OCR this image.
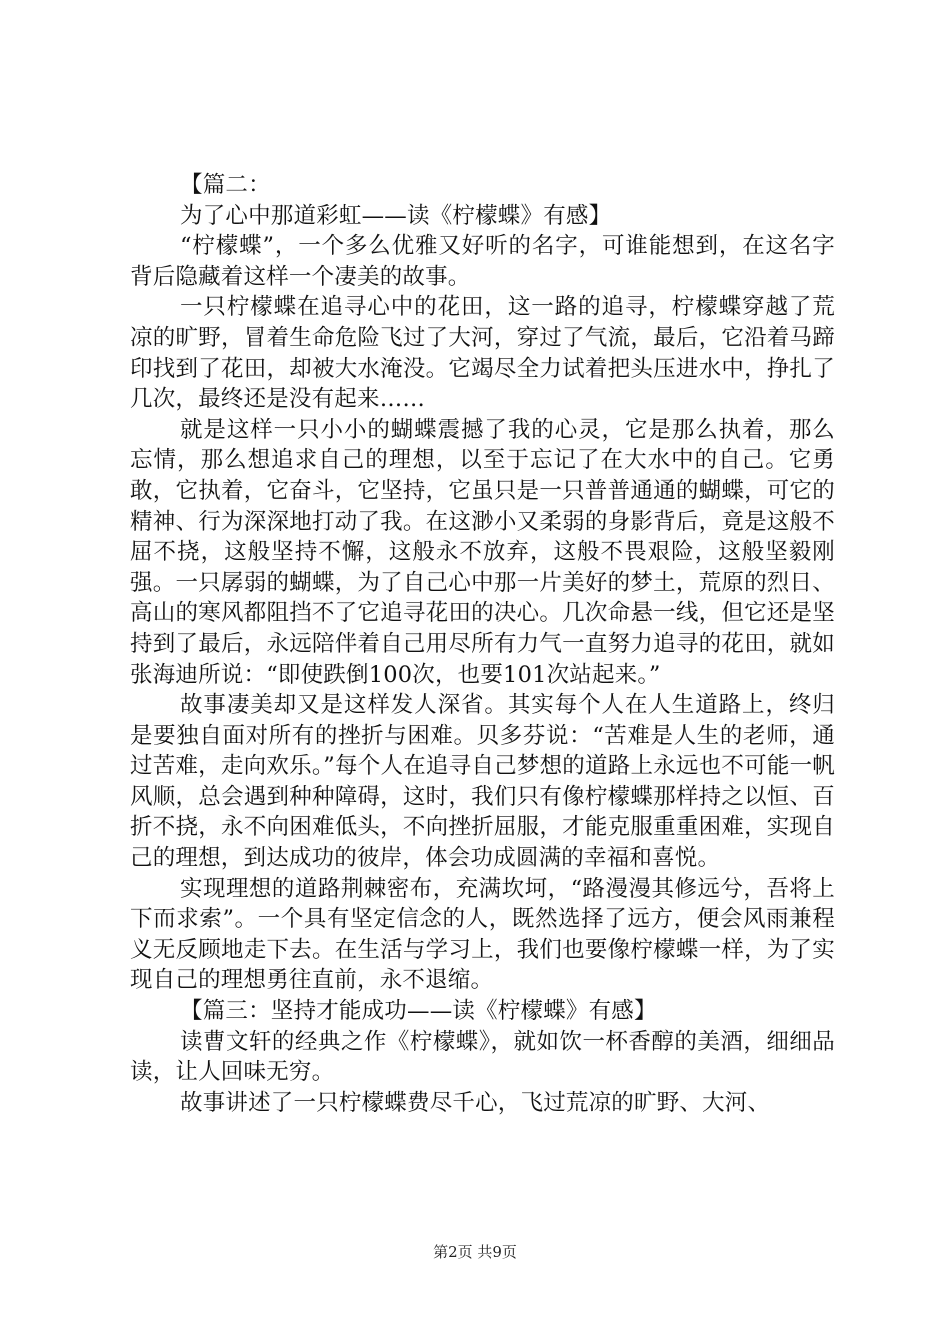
【篇二：

为了心中那道彩虹——读《柠檬蝶》有感】

“柠檬蝶”，一个多么优雅又好听的名字，可谁能想到，在这名字背后隐藏着这样一个凄美的故事。

一只柠檬蝶在追寻心中的花田，这一路的追寻，柠檬蝶穿越了荒凉的旷野，冒着生命危险飞过了大河，穿过了气流，最后，它沿着马蹄印找到了花田，却被大水淹没。它竭尽全力试着把头压进水中，挣扎了几次，最终还是没有起来……

就是这样一只小小的蝴蝶震撼了我的心灵，它是那么执着，那么忘情，那么想追求自己的理想，以至于忘记了在大水中的自己。它勇敢，它执着，它奋斗，它坚持，它虽只是一只普普通通的蝴蝶，可它的精神、行为深深地打动了我。在这渺小又柔弱的身影背后，竟是这般不屈不挠，这般坚持不懈，这般永不放弃，这般不畏艰险，这般坚毅刚强。一只孱弱的蝴蝶，为了自己心中那一片美好的梦土，荒原的烈日、高山的寒风都阻挡不了它追寻花田的决心。几次命悬一线，但它还是坚持到了最后，永远陪伴着自己用尽所有力气一直努力追寻的花田，就如张海迪所说：“即使跌倒100次，也要101次站起来。”

故事凄美却又是这样发人深省。其实每个人在人生道路上，终归是要独自面对所有的挫折与困难。贝多芬说：“苦难是人生的老师，通过苦难，走向欢乐。”每个人在追寻自己梦想的道路上永远也不可能一帆风顺，总会遇到种种障碍，这时，我们只有像柠檬蝶那样持之以恒、百折不挠，永不向困难低头，不向挫折屈服，才能克服重重困难，实现自己的理想，到达成功的彼岸，体会功成圆满的幸福和喜悦。

实现理想的道路荆棘密布，充满坎坷，“路漫漫其修远兮，吾将上下而求索”。一个具有坚定信念的人，既然选择了远方，便会风雨兼程义无反顾地走下去。在生活与学习上，我们也要像柠檬蝶一样，为了实现自己的理想勇往直前，永不退缩。

【篇三：坚持才能成功——读《柠檬蝶》有感】

读曹文轩的经典之作《柠檬蝶》，就如饮一杯香醇的美酒，细细品读，让人回味无穷。

故事讲述了一只柠檬蝶费尽千心，飞过荒凉的旷野、大河、

第2页 共9页
